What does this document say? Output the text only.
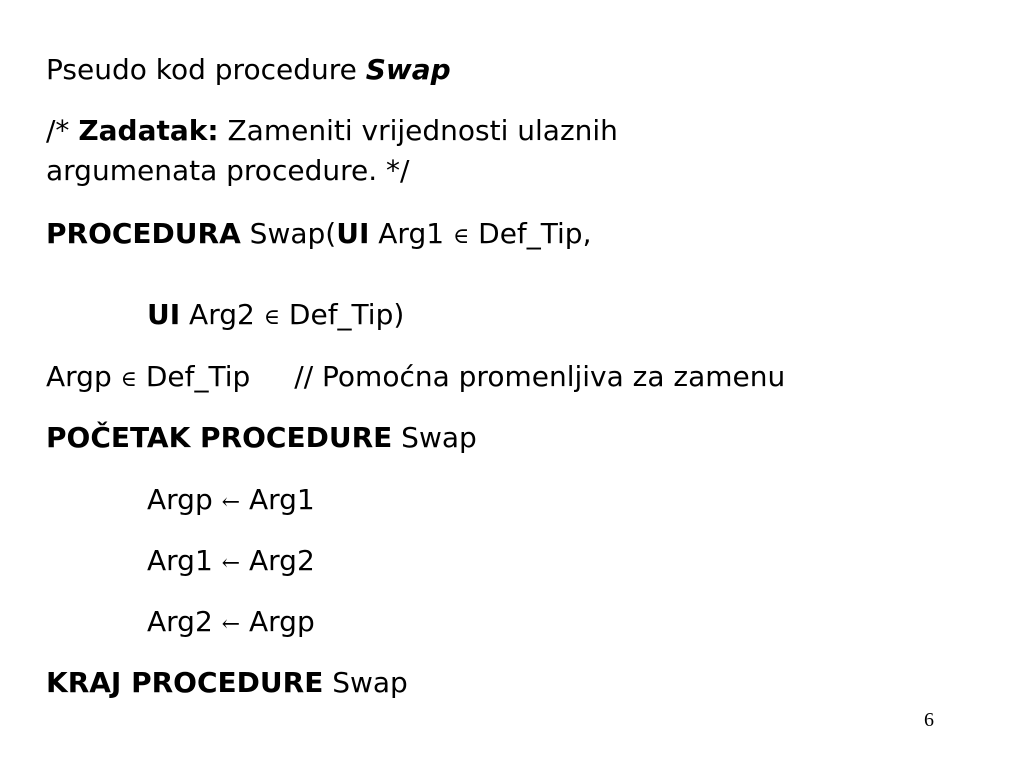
Pseudo kod procedure Swap
/* Zadatak: Zameniti vrijednosti ulaznih
argumenata procedure. */
PROCEDURA Swap(UI Arg1 ∈ Def_Tip,
UI Arg2 ∈ Def_Tip)
Argp ∈ Def_Tip // Pomoćna promenljiva za zamenu
POČETAK PROCEDURE Swap
Argp ← Arg1
Arg1 ← Arg2
Arg2 ← Argp
KRAJ PROCEDURE Swap
6
